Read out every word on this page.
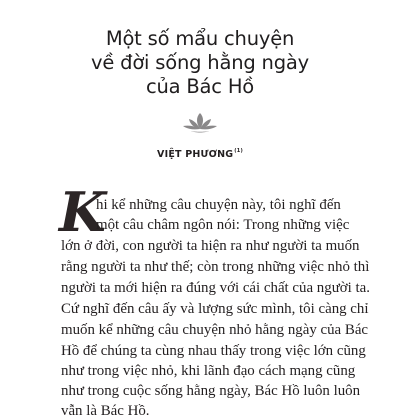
Một số mẩu chuyện
về đời sống hằng ngày
của Bác Hồ
VIỆT PHƯƠNG$^{(1)}$
K
hi kể những câu chuyện này, tôi nghĩ đến
một câu châm ngôn nói: Trong những việc
lớn ở đời, con người ta hiện ra như người ta muốn
rằng người ta như thế; còn trong những việc nhỏ thì
người ta mới hiện ra đúng với cái chất của người ta.
Cứ nghĩ đến câu ấy và lượng sức mình, tôi càng chỉ
muốn kể những câu chuyện nhỏ hằng ngày của Bác
Hồ để chúng ta cùng nhau thấy trong việc lớn cũng
như trong việc nhỏ, khi lãnh đạo cách mạng cũng
như trong cuộc sống hằng ngày, Bác Hồ luôn luôn
vẫn là Bác Hồ.
